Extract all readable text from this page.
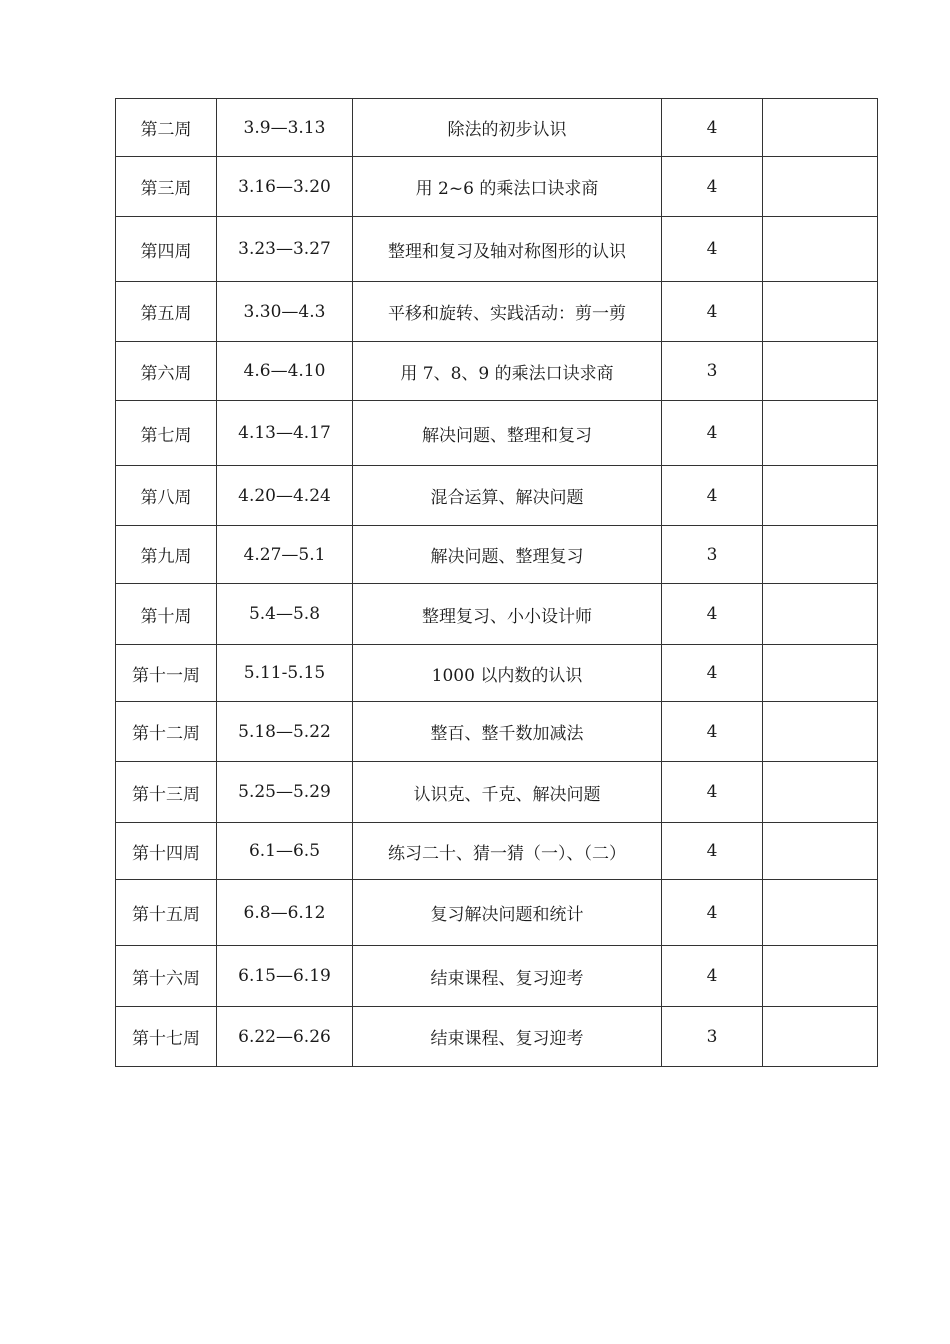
第二周	3.9—3.13	除法的初步认识	4	
第三周	3.16—3.20	用 2~6 的乘法口诀求商	4	
第四周	3.23—3.27	整理和复习及轴对称图形的认识	4	
第五周	3.30—4.3	平移和旋转、实践活动：剪一剪	4	
第六周	4.6—4.10	用 7、8、9 的乘法口诀求商	3	
第七周	4.13—4.17	解决问题、整理和复习	4	
第八周	4.20—4.24	混合运算、解决问题	4	
第九周	4.27—5.1	解决问题、整理复习	3	
第十周	5.4—5.8	整理复习、小小设计师	4	
第十一周	5.11-5.15	1000 以内数的认识	4	
第十二周	5.18—5.22	整百、整千数加减法	4	
第十三周	5.25—5.29	认识克、千克、解决问题	4	
第十四周	6.1—6.5	练习二十、猜一猜（一）、（二）	4	
第十五周	6.8—6.12	复习解决问题和统计	4	
第十六周	6.15—6.19	结束课程、复习迎考	4	
第十七周	6.22—6.26	结束课程、复习迎考	3	
